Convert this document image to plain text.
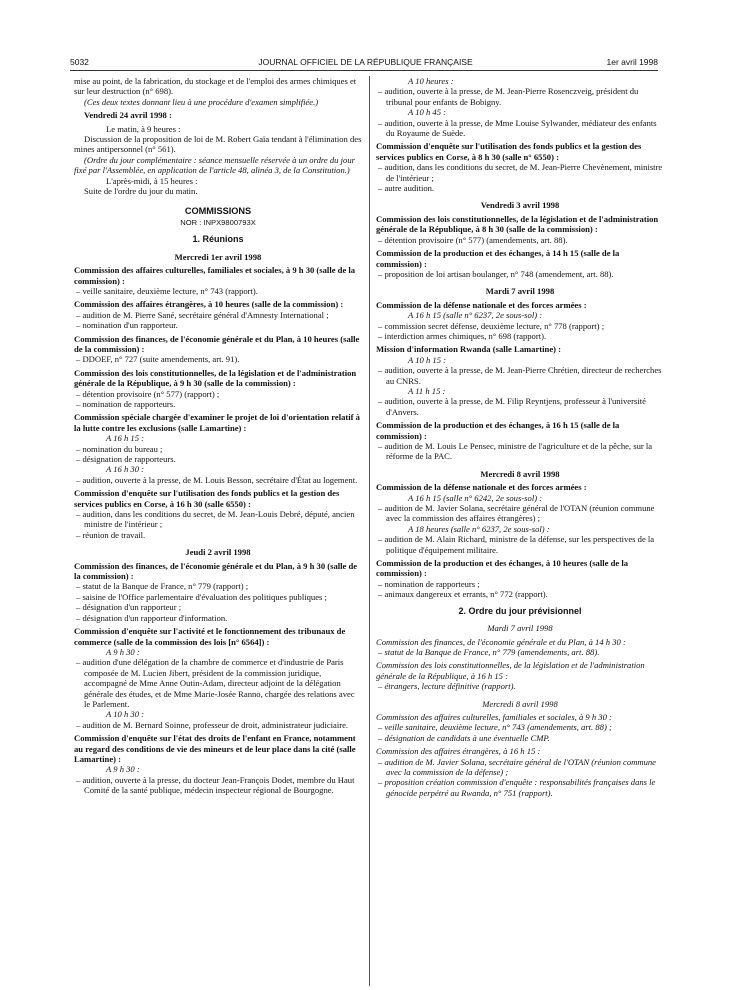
5032	JOURNAL OFFICIEL DE LA RÉPUBLIQUE FRANÇAISE	1er avril 1998

mise au point, de la fabrication, du stockage et de l'emploi des armes chimiques et sur leur destruction (n° 698).

(Ces deux textes donnant lieu à une procédure d'examen simplifiée.)

Vendredi 24 avril 1998 :

Le matin, à 9 heures :

Discussion de la proposition de loi de M. Robert Gaïa tendant à l'élimination des mines antipersonnel (n° 561).

(Ordre du jour complémentaire : séance mensuelle réservée à un ordre du jour fixé par l'Assemblée, en application de l'article 48, alinéa 3, de la Constitution.)

L'après-midi, à 15 heures :

Suite de l'ordre du jour du matin.

COMMISSIONS

NOR : INPX9800793X

1. Réunions

Mercredi 1er avril 1998

Commission des affaires culturelles, familiales et sociales, à 9 h 30 (salle de la commission) :

– veille sanitaire, deuxième lecture, n° 743 (rapport).

Commission des affaires étrangères, à 10 heures (salle de la commission) :

– audition de M. Pierre Sané, secrétaire général d'Amnesty International ;

– nomination d'un rapporteur.

Commission des finances, de l'économie générale et du Plan, à 10 heures (salle de la commission) :

– DDOEF, n° 727 (suite amendements, art. 91).

Commission des lois constitutionnelles, de la législation et de l'administration générale de la République, à 9 h 30 (salle de la commission) :

– détention provisoire (n° 577) (rapport) ;

– nomination de rapporteurs.

Commission spéciale chargée d'examiner le projet de loi d'orientation relatif à la lutte contre les exclusions (salle Lamartine) :

A 16 h 15 :

– nomination du bureau ;

– désignation de rapporteurs.

A 16 h 30 :

– audition, ouverte à la presse, de M. Louis Besson, secrétaire d'État au logement.

Commission d'enquête sur l'utilisation des fonds publics et la gestion des services publics en Corse, à 16 h 30 (salle 6550) :

– audition, dans les conditions du secret, de M. Jean-Louis Debré, député, ancien ministre de l'intérieur ;

– réunion de travail.

Jeudi 2 avril 1998

Commission des finances, de l'économie générale et du Plan, à 9 h 30 (salle de la commission) :

– statut de la Banque de France, n° 779 (rapport) ;

– saisine de l'Office parlementaire d'évaluation des politiques publiques ;

– désignation d'un rapporteur ;

– désignation d'un rapporteur d'information.

Commission d'enquête sur l'activité et le fonctionnement des tribunaux de commerce (salle de la commission des lois [n° 6564]) :

A 9 h 30 :

– audition d'une délégation de la chambre de commerce et d'industrie de Paris composée de M. Lucien Jibert, président de la commission juridique, accompagné de Mme Anne Outin-Adam, directeur adjoint de la délégation générale des études, et de Mme Marie-Josée Ranno, chargée des relations avec le Parlement.

A 10 h 30 :

– audition de M. Bernard Soinne, professeur de droit, administrateur judiciaire.

Commission d'enquête sur l'état des droits de l'enfant en France, notamment au regard des conditions de vie des mineurs et de leur place dans la cité (salle Lamartine) :

A 9 h 30 :

– audition, ouverte à la presse, du docteur Jean-François Dodet, membre du Haut Comité de la santé publique, médecin inspecteur régional de Bourgogne.

A 10 heures :

– audition, ouverte à la presse, de M. Jean-Pierre Rosenczveig, président du tribunal pour enfants de Bobigny.

A 10 h 45 :

– audition, ouverte à la presse, de Mme Louise Sylwander, médiateur des enfants du Royaume de Suède.

Commission d'enquête sur l'utilisation des fonds publics et la gestion des services publics en Corse, à 8 h 30 (salle n° 6550) :

– audition, dans les conditions du secret, de M. Jean-Pierre Chevènement, ministre de l'intérieur ;

– autre audition.

Vendredi 3 avril 1998

Commission des lois constitutionnelles, de la législation et de l'administration générale de la République, à 8 h 30 (salle de la commission) :

– détention provisoire (n° 577) (amendements, art. 88).

Commission de la production et des échanges, à 14 h 15 (salle de la commission) :

– proposition de loi artisan boulanger, n° 748 (amendement, art. 88).

Mardi 7 avril 1998

Commission de la défense nationale et des forces armées :

A 16 h 15 (salle n° 6237, 2e sous-sol) :

– commission secret défense, deuxième lecture, n° 778 (rapport) ;

– interdiction armes chimiques, n° 698 (rapport).

Mission d'information Rwanda (salle Lamartine) :

A 10 h 15 :

– audition, ouverte à la presse, de M. Jean-Pierre Chrétien, directeur de recherches au CNRS.

A 11 h 15 :

– audition, ouverte à la presse, de M. Filip Reyntjens, professeur à l'université d'Anvers.

Commission de la production et des échanges, à 16 h 15 (salle de la commission) :

– audition de M. Louis Le Pensec, ministre de l'agriculture et de la pêche, sur la réforme de la PAC.

Mercredi 8 avril 1998

Commission de la défense nationale et des forces armées :

A 16 h 15 (salle n° 6242, 2e sous-sol) :

– audition de M. Javier Solana, secrétaire général de l'OTAN (réunion commune avec la commission des affaires étrangères) ;

A 18 heures (salle n° 6237, 2e sous-sol) :

– audition de M. Alain Richard, ministre de la défense, sur les perspectives de la politique d'équipement militaire.

Commission de la production et des échanges, à 10 heures (salle de la commission) :

– nomination de rapporteurs ;

– animaux dangereux et errants, n° 772 (rapport).

2. Ordre du jour prévisionnel

Mardi 7 avril 1998

Commission des finances, de l'économie générale et du Plan, à 14 h 30 :

– statut de la Banque de France, n° 779 (amendements, art. 88).

Commission des lois constitutionnelles, de la législation et de l'administration générale de la République, à 16 h 15 :

– étrangers, lecture définitive (rapport).

Mercredi 8 avril 1998

Commission des affaires culturelles, familiales et sociales, à 9 h 30 :

– veille sanitaire, deuxième lecture, n° 743 (amendements, art. 88) ;

– désignation de candidats à une éventuelle CMP.

Commission des affaires étrangères, à 16 h 15 :

– audition de M. Javier Solana, secrétaire général de l'OTAN (réunion commune avec la commission de la défense) ;

– proposition création commission d'enquête : responsabilités françaises dans le génocide perpétré au Rwanda, n° 751 (rapport).
